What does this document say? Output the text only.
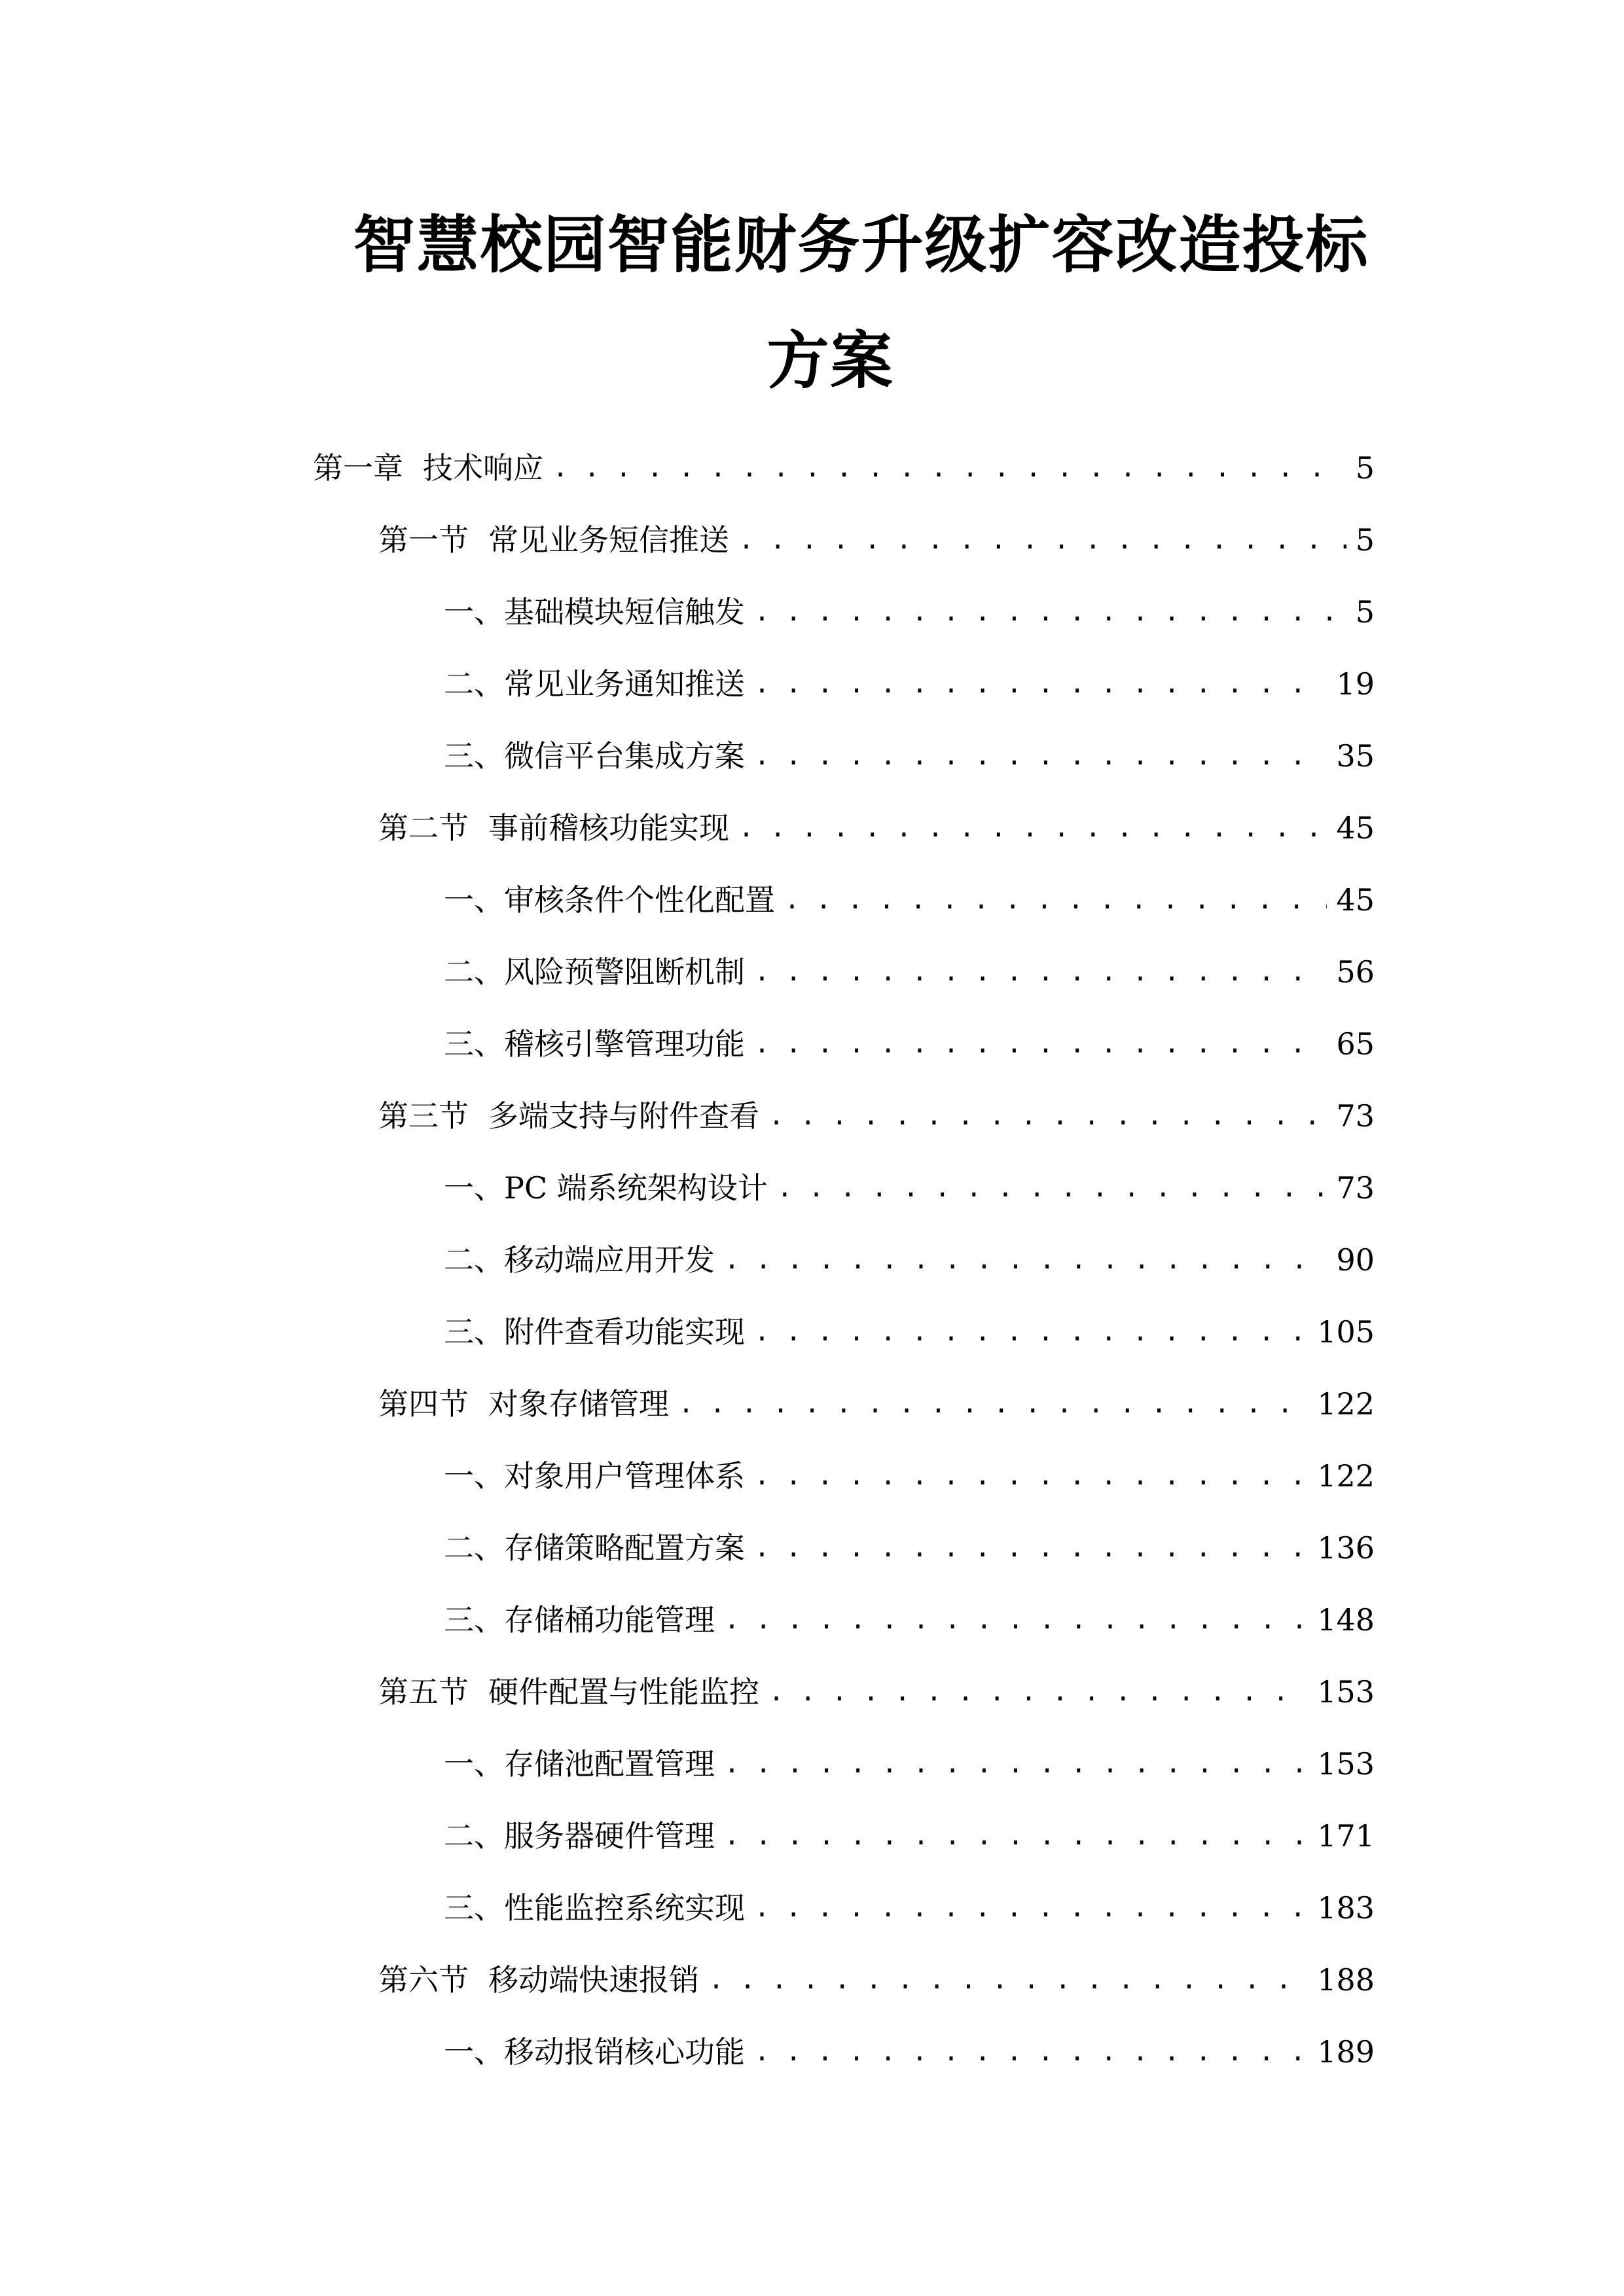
智慧校园智能财务升级扩容改造投标
方案
第一章 技术响应 . . .	5
第一节 常见业务短信推送 . . .	5
一、 基础模块短信触发 . . .	5
二、 常见业务通知推送 . . .	19
三、 微信平台集成方案 . . .	35
第二节 事前稽核功能实现 . . .	45
一、 审核条件个性化配置 . . .	45
二、 风险预警阻断机制 . . .	56
三、 稽核引擎管理功能 . . .	65
第三节 多端支持与附件查看 . . .	73
一、 PC 端系统架构设计 . . .	73
二、 移动端应用开发 . . .	90
三、 附件查看功能实现 . . .	105
第四节 对象存储管理 . . .	122
一、 对象用户管理体系 . . .	122
二、 存储策略配置方案 . . .	136
三、 存储桶功能管理 . . .	148
第五节 硬件配置与性能监控 . . .	153
一、 存储池配置管理 . . .	153
二、 服务器硬件管理 . . .	171
三、 性能监控系统实现 . . .	183
第六节 移动端快速报销 . . .	188
一、 移动报销核心功能 . . .	189
